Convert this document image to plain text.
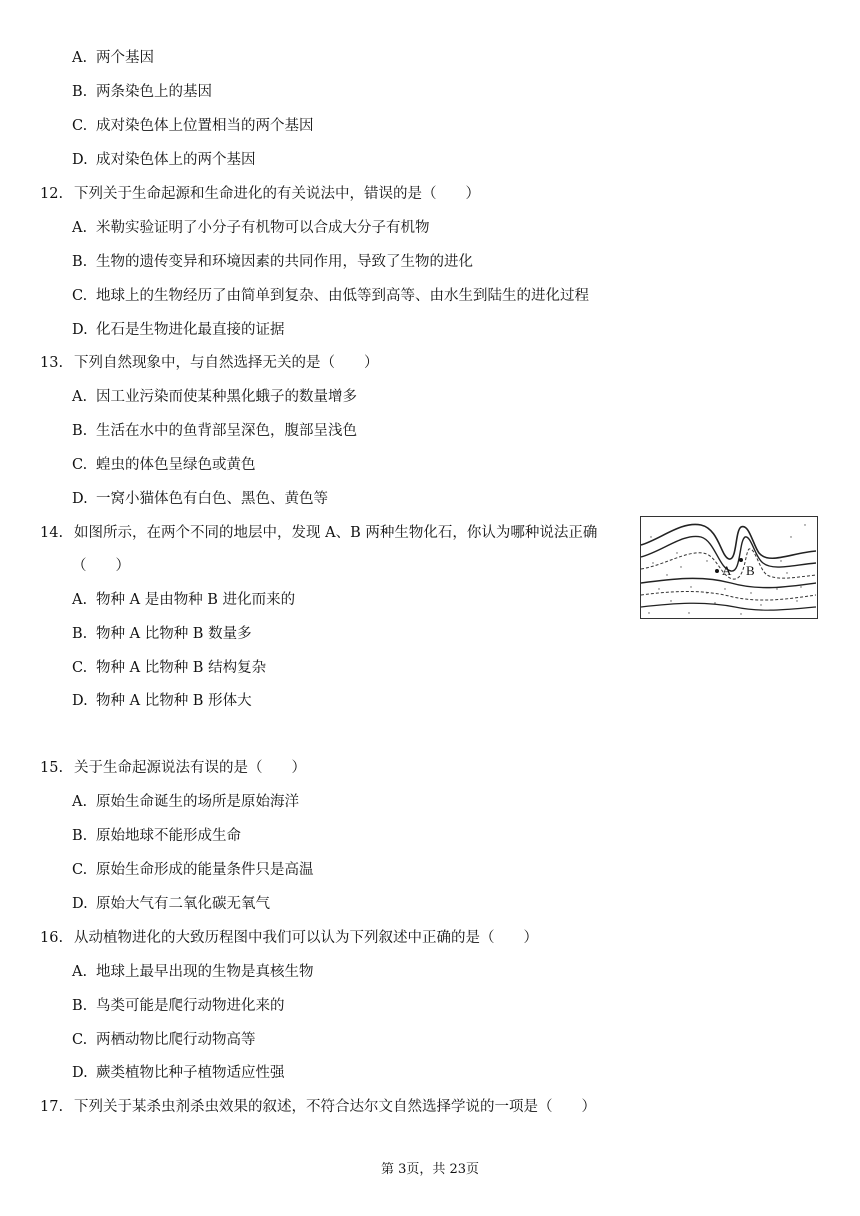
A. 两个基因
B. 两条染色上的基因
C. 成对染色体上位置相当的两个基因
D. 成对染色体上的两个基因
12. 下列关于生命起源和生命进化的有关说法中，错误的是（　　）
A. 米勒实验证明了小分子有机物可以合成大分子有机物
B. 生物的遗传变异和环境因素的共同作用，导致了生物的进化
C. 地球上的生物经历了由简单到复杂、由低等到高等、由水生到陆生的进化过程
D. 化石是生物进化最直接的证据
13. 下列自然现象中，与自然选择无关的是（　　）
A. 因工业污染而使某种黑化蛾子的数量增多
B. 生活在水中的鱼背部呈深色，腹部呈浅色
C. 蝗虫的体色呈绿色或黄色
D. 一窝小猫体色有白色、黑色、黄色等
14. 如图所示，在两个不同的地层中，发现 A、B 两种生物化石，你认为哪种说法正确
（　　）
A. 物种 A 是由物种 B 进化而来的
B. 物种 A 比物种 B 数量多
C. 物种 A 比物种 B 结构复杂
D. 物种 A 比物种 B 形体大
A B
15. 关于生命起源说法有误的是（　　）
A. 原始生命诞生的场所是原始海洋
B. 原始地球不能形成生命
C. 原始生命形成的能量条件只是高温
D. 原始大气有二氧化碳无氧气
16. 从动植物进化的大致历程图中我们可以认为下列叙述中正确的是（　　）
A. 地球上最早出现的生物是真核生物
B. 鸟类可能是爬行动物进化来的
C. 两栖动物比爬行动物高等
D. 蕨类植物比种子植物适应性强
17. 下列关于某杀虫剂杀虫效果的叙述，不符合达尔文自然选择学说的一项是（　　）
第 3页，共 23页
